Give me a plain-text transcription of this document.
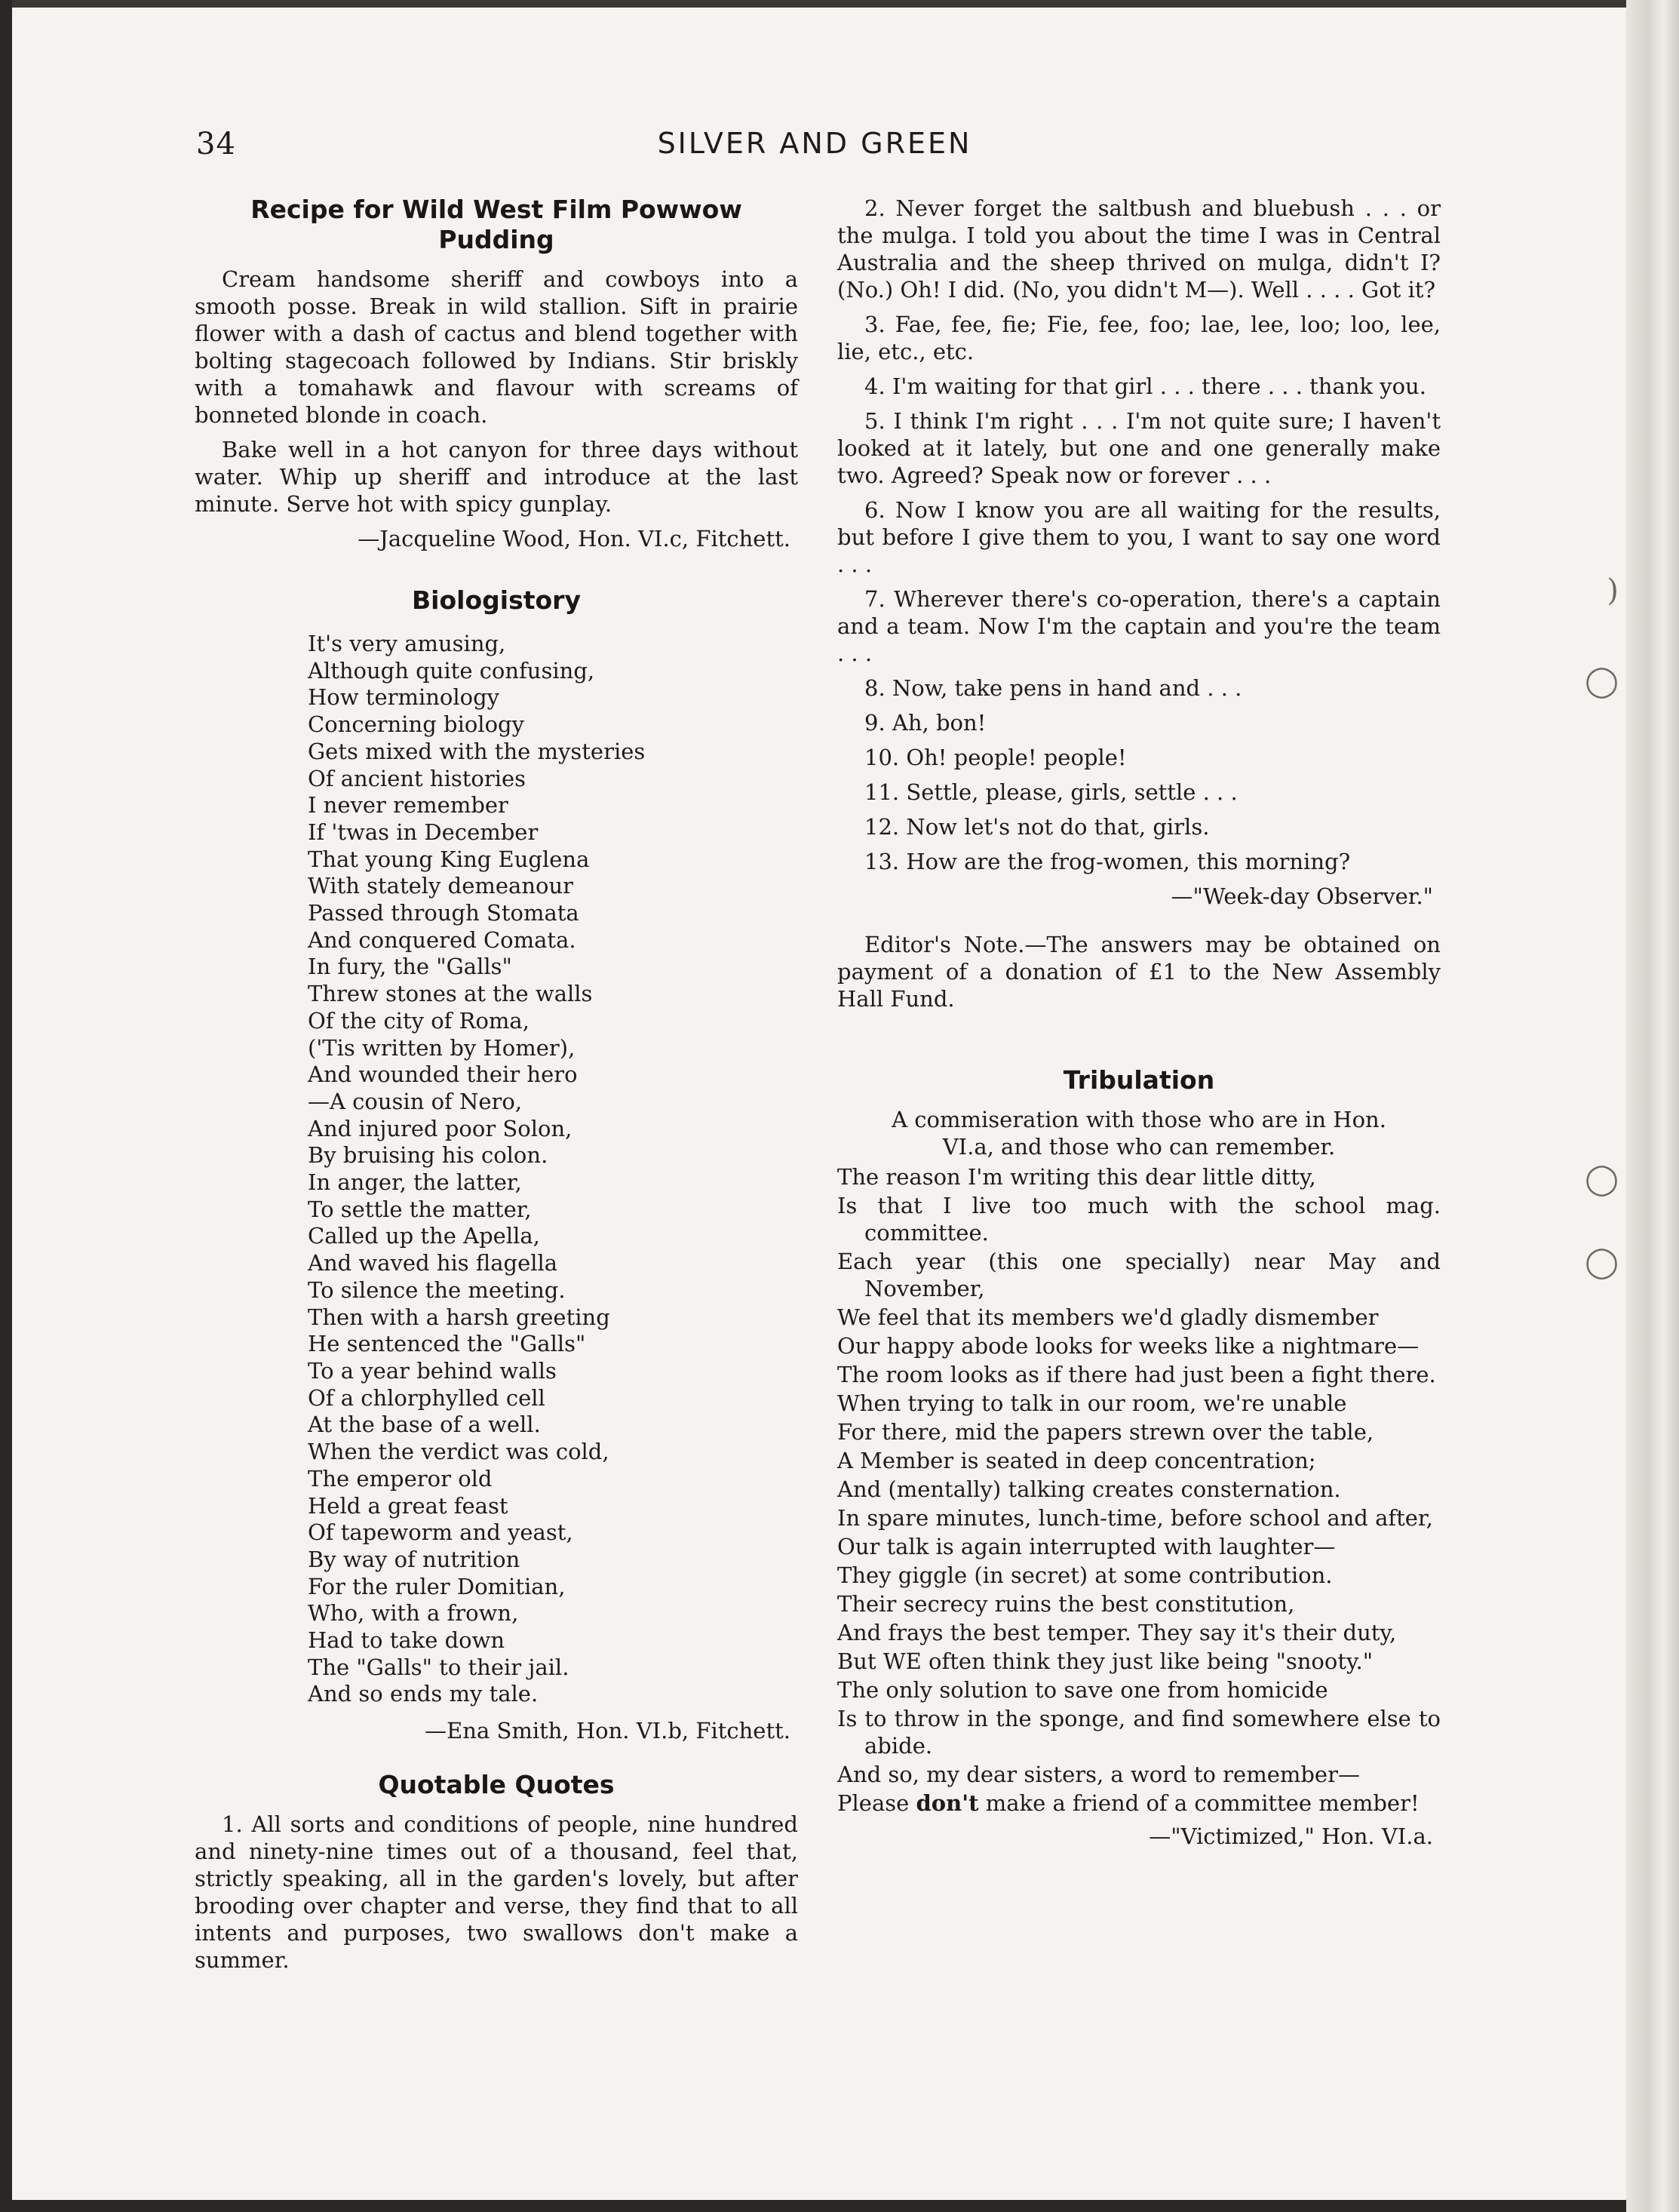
34	SILVER AND GREEN
Recipe for Wild West Film Powwow Pudding

Cream handsome sheriff and cowboys into a smooth posse. Break in wild stallion. Sift in prairie flower with a dash of cactus and blend together with bolting stagecoach followed by Indians. Stir briskly with a tomahawk and flavour with screams of bonneted blonde in coach.

Bake well in a hot canyon for three days without water. Whip up sheriff and introduce at the last minute. Serve hot with spicy gunplay.

—Jacqueline Wood, Hon. VI.c, Fitchett.
Biologistory
It's very amusing,
Although quite confusing,
How terminology
Concerning biology
Gets mixed with the mysteries
Of ancient histories
I never remember
If 'twas in December
That young King Euglena
With stately demeanour
Passed through Stomata
And conquered Comata.
In fury, the "Galls"
Threw stones at the walls
Of the city of Roma,
('Tis written by Homer),
And wounded their hero
—A cousin of Nero,
And injured poor Solon,
By bruising his colon.
In anger, the latter,
To settle the matter,
Called up the Apella,
And waved his flagella
To silence the meeting.
Then with a harsh greeting
He sentenced the "Galls"
To a year behind walls
Of a chlorphylled cell
At the base of a well.
When the verdict was cold,
The emperor old
Held a great feast
Of tapeworm and yeast,
By way of nutrition
For the ruler Domitian,
Who, with a frown,
Had to take down
The "Galls" to their jail.
And so ends my tale.
—Ena Smith, Hon. VI.b, Fitchett.
Quotable Quotes

1. All sorts and conditions of people, nine hundred and ninety-nine times out of a thousand, feel that, strictly speaking, all in the garden's lovely, but after brooding over chapter and verse, they find that to all intents and purposes, two swallows don't make a summer.

2. Never forget the saltbush and bluebush . . . or the mulga. I told you about the time I was in Central Australia and the sheep thrived on mulga, didn't I? (No.) Oh! I did. (No, you didn't M—). Well . . . . Got it?

3. Fae, fee, fie; Fie, fee, foo; lae, lee, loo; loo, lee, lie, etc., etc.

4. I'm waiting for that girl . . . there . . . thank you.

5. I think I'm right . . . I'm not quite sure; I haven't looked at it lately, but one and one generally make two. Agreed? Speak now or forever . . .

6. Now I know you are all waiting for the results, but before I give them to you, I want to say one word . . .

7. Wherever there's co-operation, there's a captain and a team. Now I'm the captain and you're the team . . .

8. Now, take pens in hand and . . .

9. Ah, bon!

10. Oh! people! people!

11. Settle, please, girls, settle . . .

12. Now let's not do that, girls.

13. How are the frog-women, this morning?

—"Week-day Observer."

Editor's Note.—The answers may be obtained on payment of a donation of £1 to the New Assembly Hall Fund.

Tribulation

A commiseration with those who are in Hon. VI.a, and those who can remember.

The reason I'm writing this dear little ditty,
Is that I live too much with the school mag. committee.
Each year (this one specially) near May and November,
We feel that its members we'd gladly dismember
Our happy abode looks for weeks like a nightmare—
The room looks as if there had just been a fight there.
When trying to talk in our room, we're unable
For there, mid the papers strewn over the table,
A Member is seated in deep concentration;
And (mentally) talking creates consternation.
In spare minutes, lunch-time, before school and after,
Our talk is again interrupted with laughter—
They giggle (in secret) at some contribution.
Their secrecy ruins the best constitution,
And frays the best temper. They say it's their duty,
But WE often think they just like being "snooty."
The only solution to save one from homicide
Is to throw in the sponge, and find somewhere else to abide.
And so, my dear sisters, a word to remember—
Please don't make a friend of a committee member!
—"Victimized," Hon. VI.a.
)
◯
◯
◯
